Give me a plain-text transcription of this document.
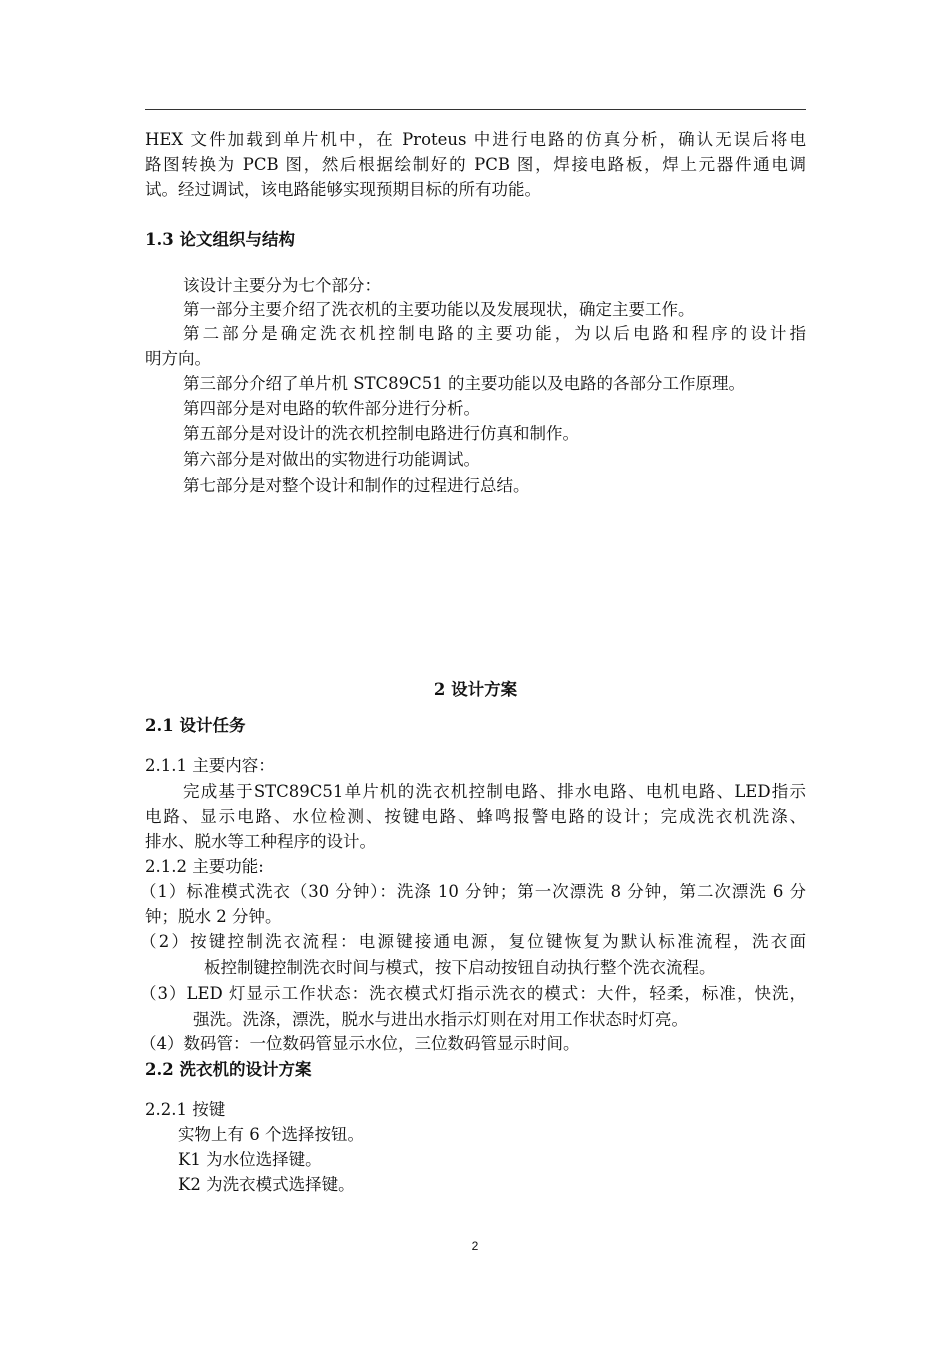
HEX 文件加载到单片机中，在 Proteus 中进行电路的仿真分析，确认无误后将电
路图转换为 PCB 图，然后根据绘制好的 PCB 图，焊接电路板，焊上元器件通电调
试。经过调试，该电路能够实现预期目标的所有功能。
1.3 论文组织与结构
该设计主要分为七个部分：
第一部分主要介绍了洗衣机的主要功能以及发展现状，确定主要工作。
第二部分是确定洗衣机控制电路的主要功能，为以后电路和程序的设计指
明方向。
第三部分介绍了单片机 STC89C51 的主要功能以及电路的各部分工作原理。
第四部分是对电路的软件部分进行分析。
第五部分是对设计的洗衣机控制电路进行仿真和制作。
第六部分是对做出的实物进行功能调试。
第七部分是对整个设计和制作的过程进行总结。
2 设计方案
2.1 设计任务
2.1.1 主要内容：
完成基于STC89C51单片机的洗衣机控制电路、排水电路、电机电路、LED指示
电路、显示电路、水位检测、按键电路、蜂鸣报警电路的设计；完成洗衣机洗涤、
排水、脱水等工种程序的设计。
2.1.2 主要功能:
（1）标准模式洗衣（30 分钟）：洗涤 10 分钟；第一次漂洗 8 分钟，第二次漂洗 6 分
钟；脱水 2 分钟。
（2）按键控制洗衣流程：电源键接通电源，复位键恢复为默认标准流程，洗衣面
板控制键控制洗衣时间与模式，按下启动按钮自动执行整个洗衣流程。
（3）LED 灯显示工作状态：洗衣模式灯指示洗衣的模式：大件，轻柔，标准，快洗，
强洗。洗涤，漂洗，脱水与进出水指示灯则在对用工作状态时灯亮。
（4）数码管：一位数码管显示水位，三位数码管显示时间。
2.2 洗衣机的设计方案
2.2.1 按键
实物上有 6 个选择按钮。
K1 为水位选择键。
K2 为洗衣模式选择键。
2
